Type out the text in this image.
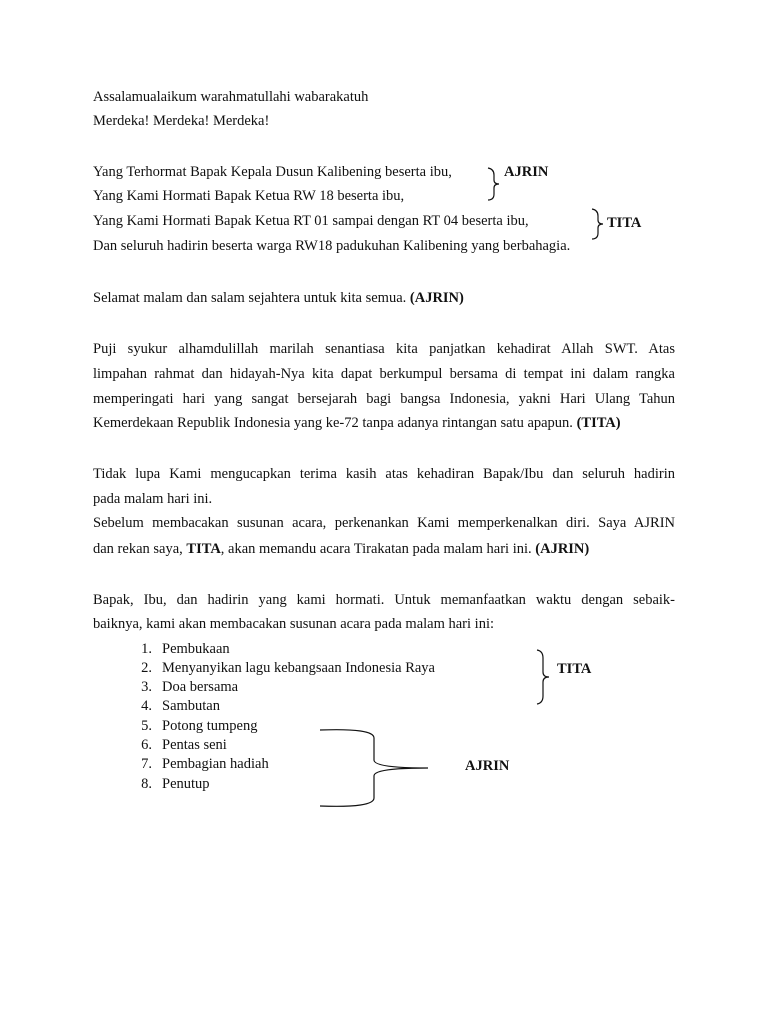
Assalamualaikum warahmatullahi wabarakatuh
Merdeka! Merdeka! Merdeka!
Yang Terhormat Bapak Kepala Dusun Kalibening beserta ibu,
Yang Kami Hormati Bapak Ketua RW 18 beserta ibu,
Yang Kami Hormati Bapak Ketua RT 01 sampai dengan RT 04 beserta ibu,
Dan seluruh hadirin beserta warga RW18 padukuhan Kalibening yang berbahagia.
AJRIN
TITA
Selamat malam dan salam sejahtera untuk kita semua. (AJRIN)
Puji syukur alhamdulillah marilah senantiasa kita panjatkan kehadirat Allah SWT. Atas
limpahan rahmat dan hidayah-Nya kita dapat berkumpul bersama di tempat ini dalam rangka
memperingati hari yang sangat bersejarah bagi bangsa Indonesia, yakni Hari Ulang Tahun
Kemerdekaan Republik Indonesia yang ke-72 tanpa adanya rintangan satu apapun. (TITA)
Tidak lupa Kami mengucapkan terima kasih atas kehadiran Bapak/Ibu dan seluruh hadirin
pada malam hari ini.
Sebelum membacakan susunan acara, perkenankan Kami memperkenalkan diri. Saya AJRIN
dan rekan saya, TITA, akan memandu acara Tirakatan pada malam hari ini. (AJRIN)
Bapak, Ibu, dan hadirin yang kami hormati. Untuk memanfaatkan waktu dengan sebaik-
baiknya, kami akan membacakan susunan acara pada malam hari ini:
1. Pembukaan
2. Menyanyikan lagu kebangsaan Indonesia Raya
3. Doa bersama
4. Sambutan
5. Potong tumpeng
6. Pentas seni
7. Pembagian hadiah
8. Penutup
TITA
AJRIN
